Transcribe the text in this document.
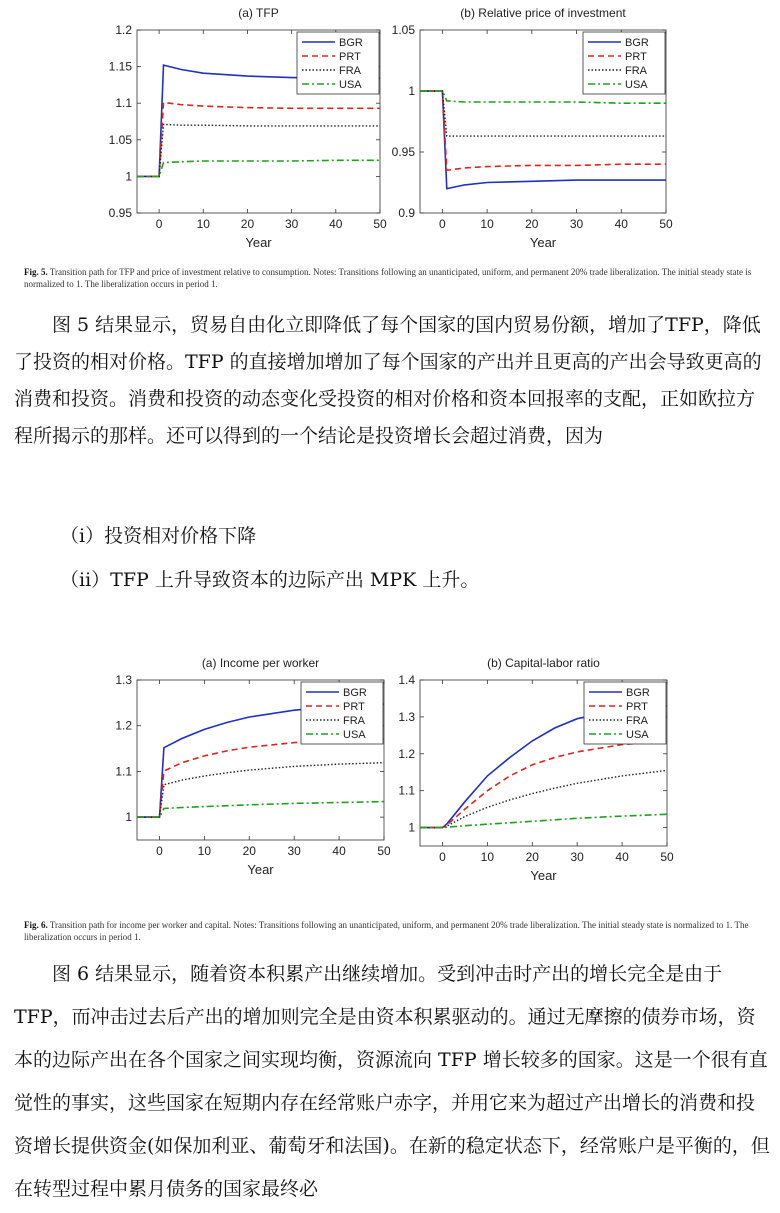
(a) TFP
0	10	20	30	40	50
0.95
1
1.05
1.1
1.15
1.2
Year
BGR
PRT
FRA
USA
(b) Relative price of investment
0	10	20	30	40	50
0.9
0.95
1
1.05
Year
BGR
PRT
FRA
USA
Fig. 5. Transition path for TFP and price of investment relative to consumption. Notes: Transitions following an unanticipated, uniform, and permanent 20% trade liberalization. The initial steady state is normalized to 1. The liberalization occurs in period 1.

图 5 结果显示，贸易自由化立即降低了每个国家的国内贸易份额，增加了TFP，降低了投资的相对价格。TFP 的直接增加增加了每个国家的产出并且更高的产出会导致更高的消费和投资。消费和投资的动态变化受投资的相对价格和资本回报率的支配，正如欧拉方程所揭示的那样。还可以得到的一个结论是投资增长会超过消费，因为

（i）投资相对价格下降

（ii）TFP 上升导致资本的边际产出 MPK 上升。

(a) Income per worker
0	10	20	30	40	50
1
1.1
1.2
1.3
Year
BGR
PRT
FRA
USA
(b) Capital-labor ratio
0	10	20	30	40	50
1
1.1
1.2
1.3
1.4
Year
BGR
PRT
FRA
USA
Fig. 6. Transition path for income per worker and capital. Notes: Transitions following an unanticipated, uniform, and permanent 20% trade liberalization. The initial steady state is normalized to 1. The liberalization occurs in period 1.

图 6 结果显示，随着资本积累产出继续增加。受到冲击时产出的增长完全是由于 TFP，而冲击过去后产出的增加则完全是由资本积累驱动的。通过无摩擦的债券市场，资本的边际产出在各个国家之间实现均衡，资源流向 TFP 增长较多的国家。这是一个很有直觉性的事实，这些国家在短期内存在经常账户赤字，并用它来为超过产出增长的消费和投资增长提供资金(如保加利亚、葡萄牙和法国)。在新的稳定状态下，经常账户是平衡的，但在转型过程中累月债务的国家最终必
